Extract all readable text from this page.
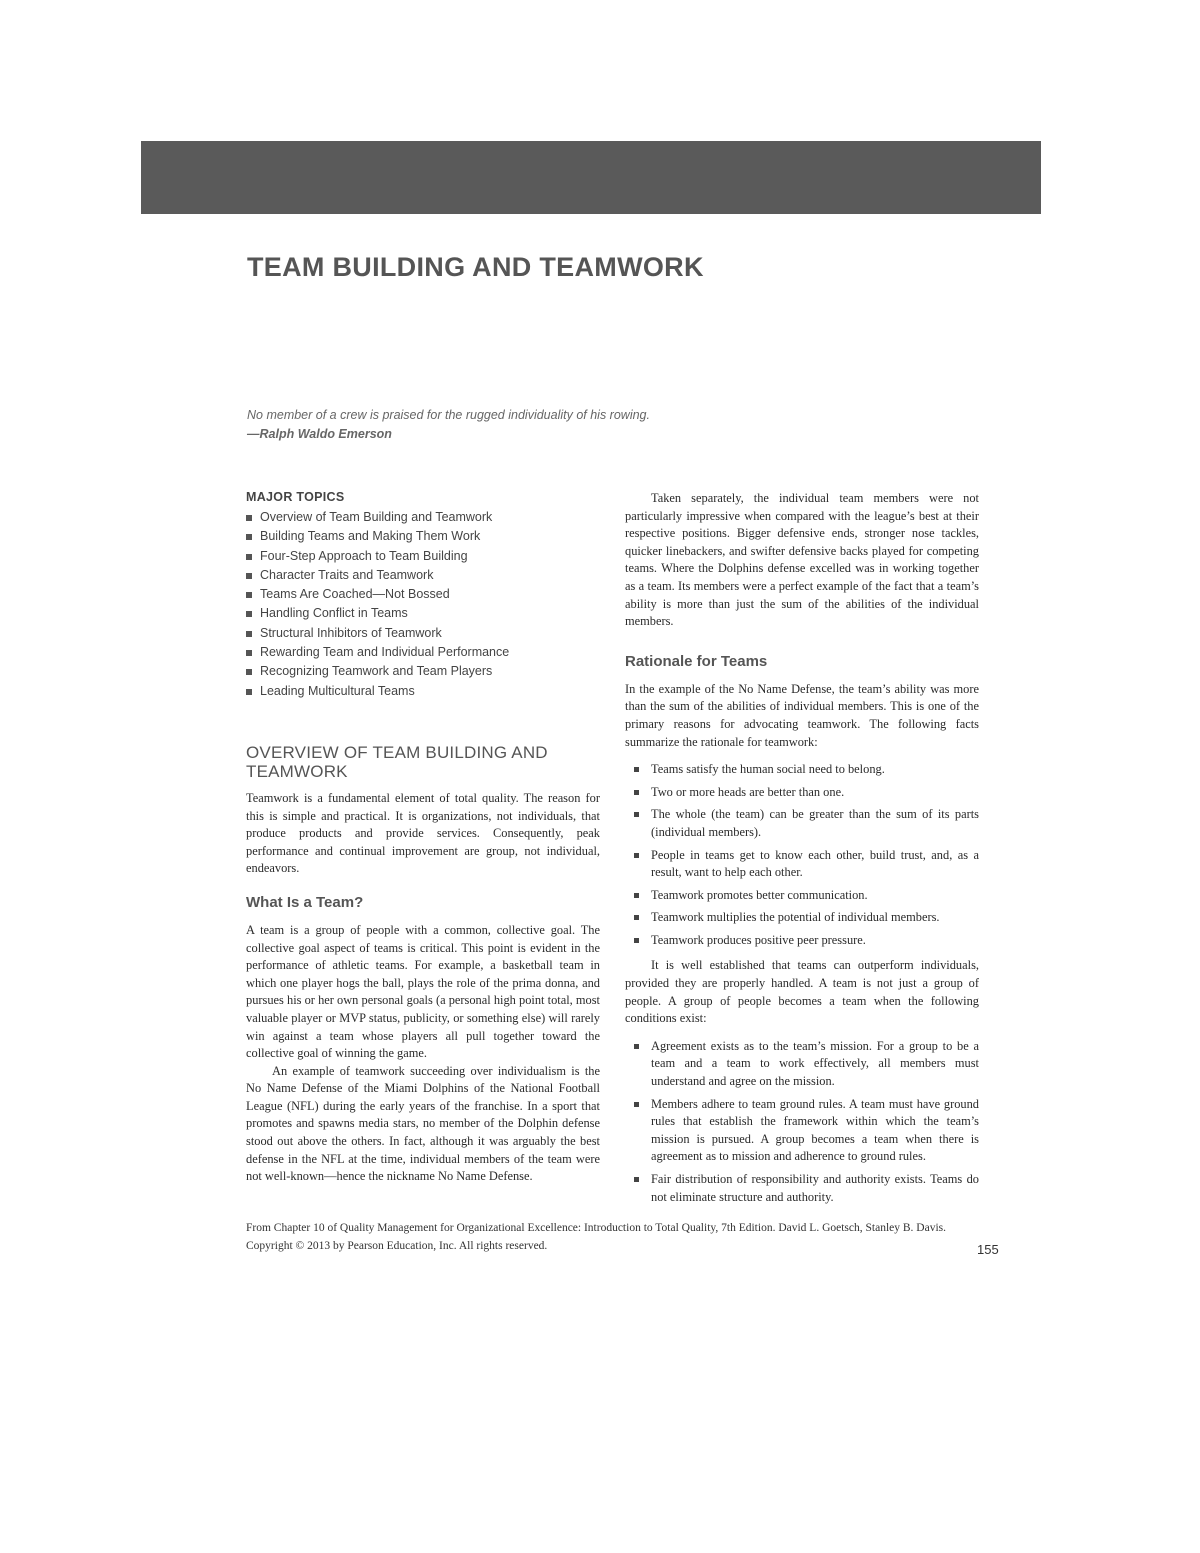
TEAM BUILDING AND TEAMWORK
No member of a crew is praised for the rugged individuality of his rowing.
—Ralph Waldo Emerson
MAJOR TOPICS
Overview of Team Building and Teamwork
Building Teams and Making Them Work
Four-Step Approach to Team Building
Character Traits and Teamwork
Teams Are Coached—Not Bossed
Handling Conflict in Teams
Structural Inhibitors of Teamwork
Rewarding Team and Individual Performance
Recognizing Teamwork and Team Players
Leading Multicultural Teams
OVERVIEW OF TEAM BUILDING AND TEAMWORK

Teamwork is a fundamental element of total quality. The reason for this is simple and practical. It is organizations, not individuals, that produce products and provide services. Consequently, peak performance and continual improvement are group, not individual, endeavors.

What Is a Team?

A team is a group of people with a common, collective goal. The collective goal aspect of teams is critical. This point is evident in the performance of athletic teams. For example, a basketball team in which one player hogs the ball, plays the role of the prima donna, and pursues his or her own personal goals (a personal high point total, most valuable player or MVP status, publicity, or something else) will rarely win against a team whose players all pull together toward the collective goal of winning the game.

An example of teamwork succeeding over individualism is the No Name Defense of the Miami Dolphins of the National Football League (NFL) during the early years of the franchise. In a sport that promotes and spawns media stars, no member of the Dolphin defense stood out above the others. In fact, although it was arguably the best defense in the NFL at the time, individual members of the team were not well-known—hence the nickname No Name Defense.

Taken separately, the individual team members were not particularly impressive when compared with the league’s best at their respective positions. Bigger defensive ends, stronger nose tackles, quicker linebackers, and swifter defensive backs played for competing teams. Where the Dolphins defense excelled was in working together as a team. Its members were a perfect example of the fact that a team’s ability is more than just the sum of the abilities of the individual members.

Rationale for Teams

In the example of the No Name Defense, the team’s ability was more than the sum of the abilities of individual members. This is one of the primary reasons for advocating teamwork. The following facts summarize the rationale for teamwork:

Teams satisfy the human social need to belong.
Two or more heads are better than one.
The whole (the team) can be greater than the sum of its parts (individual members).
People in teams get to know each other, build trust, and, as a result, want to help each other.
Teamwork promotes better communication.
Teamwork multiplies the potential of individual members.
Teamwork produces positive peer pressure.

It is well established that teams can outperform individuals, provided they are properly handled. A team is not just a group of people. A group of people becomes a team when the following conditions exist:

Agreement exists as to the team’s mission. For a group to be a team and a team to work effectively, all members must understand and agree on the mission.
Members adhere to team ground rules. A team must have ground rules that establish the framework within which the team’s mission is pursued. A group becomes a team when there is agreement as to mission and adherence to ground rules.
Fair distribution of responsibility and authority exists. Teams do not eliminate structure and authority.
From Chapter 10 of Quality Management for Organizational Excellence: Introduction to Total Quality, 7th Edition. David L. Goetsch, Stanley B. Davis. Copyright © 2013 by Pearson Education, Inc. All rights reserved.	155
